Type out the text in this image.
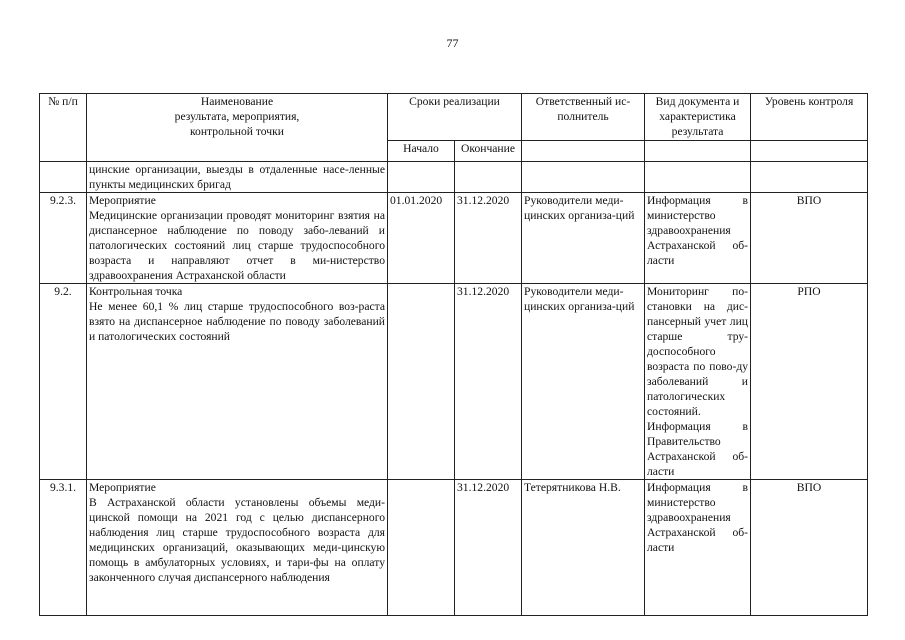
77
№ п/п	Наименование
результата, мероприятия,
контрольной точки	Сроки реализации		Ответственный ис-полнитель	Вид документа и характеристика результата	Уровень контроля
		Начало	Окончание			
	цинские организации, выезды в отдаленные насе-ленные пункты медицинских бригад					
9.2.3.	Мероприятие
Медицинские организации проводят мониторинг взятия на диспансерное наблюдение по поводу забо-леваний и патологических состояний лиц старше трудоспособного возраста и направляют отчет в ми-нистерство здравоохранения Астраханской области	01.01.2020	31.12.2020	Руководители меди-цинских организа-ций	Информация в министерство здравоохранения Астраханской об-ласти	ВПО
9.2.	Контрольная точка
Не менее 60,1 % лиц старше трудоспособного воз-раста взято на диспансерное наблюдение по поводу заболеваний и патологических состояний		31.12.2020	Руководители меди-цинских организа-ций	Мониторинг по-становки на дис-пансерный учет лиц старше тру-доспособного возраста по пово-ду заболеваний и патологических состояний. Информация в Правительство Астраханской об-ласти	РПО
9.3.1.	Мероприятие
В Астраханской области установлены объемы меди-цинской помощи на 2021 год с целью диспансерного наблюдения лиц старше трудоспособного возраста для медицинских организаций, оказывающих меди-цинскую помощь в амбулаторных условиях, и тари-фы на оплату законченного случая диспансерного наблюдения		31.12.2020	Тетерятникова Н.В.	Информация в министерство здравоохранения Астраханской об-ласти	ВПО
